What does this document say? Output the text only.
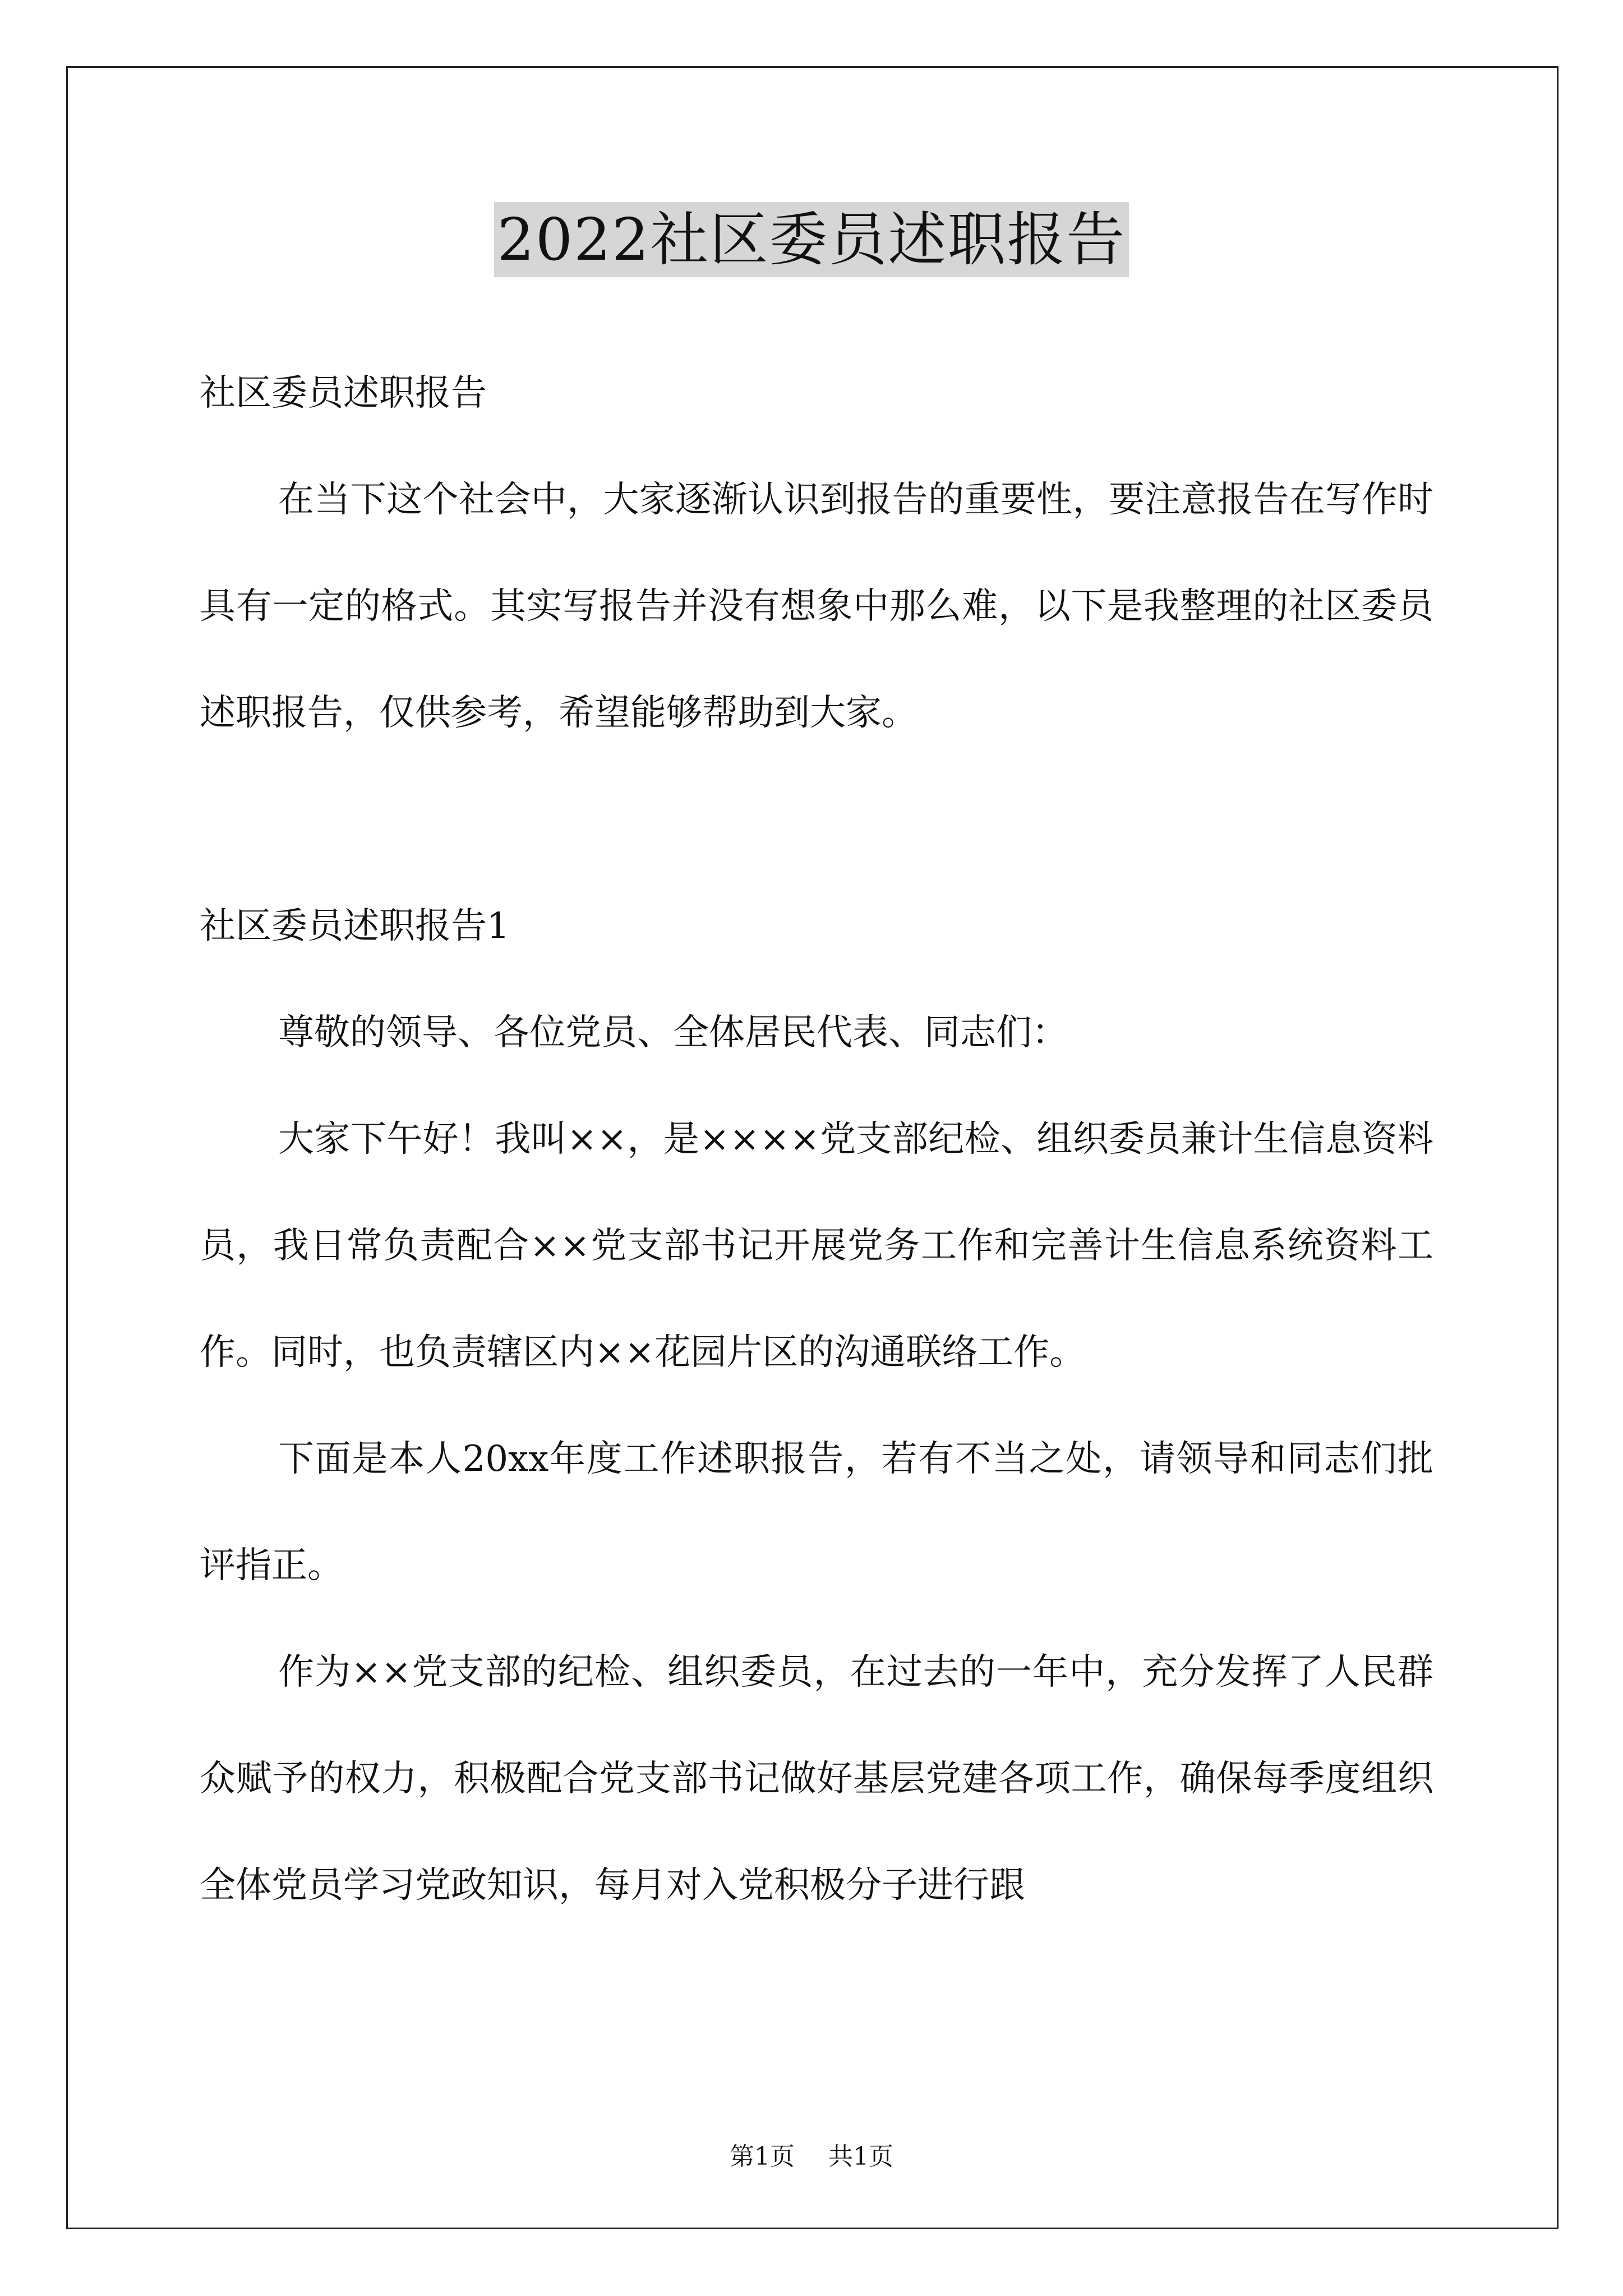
2022社区委员述职报告

社区委员述职报告

在当下这个社会中，大家逐渐认识到报告的重要性，要注意报告在写作时具有一定的格式。其实写报告并没有想象中那么难，以下是我整理的社区委员述职报告，仅供参考，希望能够帮助到大家。

社区委员述职报告1

尊敬的领导、各位党员、全体居民代表、同志们：

大家下午好！我叫××，是××××党支部纪检、组织委员兼计生信息资料员，我日常负责配合××党支部书记开展党务工作和完善计生信息系统资料工作。同时，也负责辖区内××花园片区的沟通联络工作。

下面是本人20xx年度工作述职报告，若有不当之处，请领导和同志们批评指正。

作为××党支部的纪检、组织委员，在过去的一年中，充分发挥了人民群众赋予的权力，积极配合党支部书记做好基层党建各项工作，确保每季度组织全体党员学习党政知识，每月对入党积极分子进行跟

第1页 共1页
